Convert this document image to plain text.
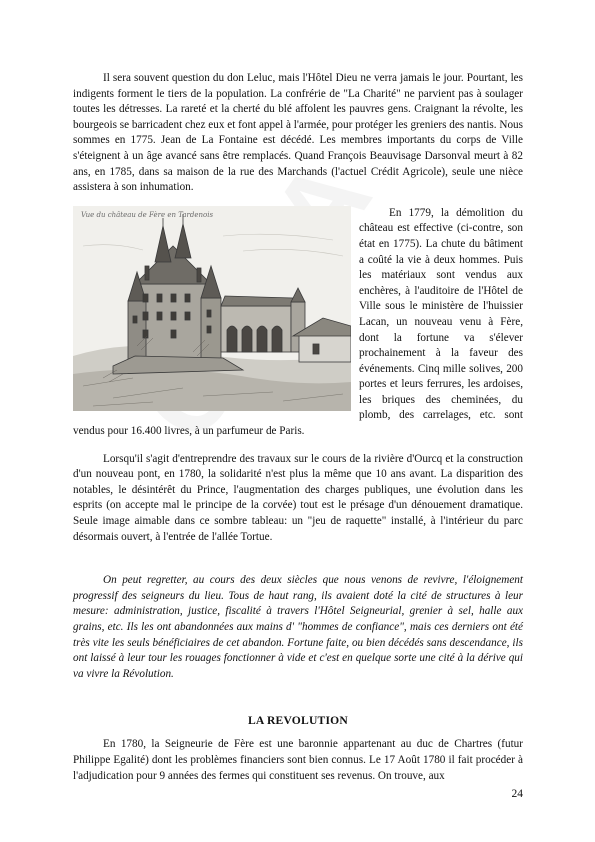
Il sera souvent question du don Leluc, mais l'Hôtel Dieu ne verra jamais le jour. Pourtant, les indigents forment le tiers de la population. La confrérie de "La Charité" ne parvient pas à soulager toutes les détresses. La rareté et la cherté du blé affolent les pauvres gens. Craignant la révolte, les bourgeois se barricadent chez eux et font appel à l'armée, pour protéger les greniers des nantis. Nous sommes en 1775. Jean de La Fontaine est décédé. Les membres importants du corps de Ville s'éteignent à un âge avancé sans être remplacés. Quand François Beauvisage Darsonval meurt à 82 ans, en 1785, dans sa maison de la rue des Marchands (l'actuel Crédit Agricole), seule une nièce assistera à son inhumation.

Vue du château de Fère en Tardenois	En 1779, la démolition du château est effective (ci-contre, son état en 1775). La chute du bâtiment a coûté la vie à deux hommes. Puis les matériaux sont vendus aux enchères, à l'auditoire de l'Hôtel de Ville sous le ministère de l'huissier Lacan, un nouveau venu à Fère, dont la fortune va s'élever prochainement à la faveur des événements. Cinq mille solives, 200 portes et leurs ferrures, les ardoises, les briques des cheminées, du plomb, des carrelages, etc. sont vendus pour 16.400 livres, à un parfumeur de Paris.

Lorsqu'il s'agit d'entreprendre des travaux sur le cours de la rivière d'Ourcq et la construction d'un nouveau pont, en 1780, la solidarité n'est plus la même que 10 ans avant. La disparition des notables, le désintérêt du Prince, l'augmentation des charges publiques, une évolution dans les esprits (on accepte mal le principe de la corvée) tout est le présage d'un dénouement dramatique. Seule image aimable dans ce sombre tableau: un "jeu de raquette" installé, à l'intérieur du parc désormais ouvert, à l'entrée de l'allée Tortue.

On peut regretter, au cours des deux siècles que nous venons de revivre, l'éloignement progressif des seigneurs du lieu. Tous de haut rang, ils avaient doté la cité de structures à leur mesure: administration, justice, fiscalité à travers l'Hôtel Seigneurial, grenier à sel, halle aux grains, etc. Ils les ont abandonnées aux mains d' "hommes de confiance", mais ces derniers ont été très vite les seuls bénéficiaires de cet abandon. Fortune faite, ou bien décédés sans descendance, ils ont laissé à leur tour les rouages fonctionner à vide et c'est en quelque sorte une cité à la dérive qui va vivre la Révolution.

LA REVOLUTION

En 1780, la Seigneurie de Fère est une baronnie appartenant au duc de Chartres (futur Philippe Egalité) dont les problèmes financiers sont bien connus. Le 17 Août 1780 il fait procéder à l'adjudication pour 9 années des fermes qui constituent ses revenus. On trouve, aux

24
